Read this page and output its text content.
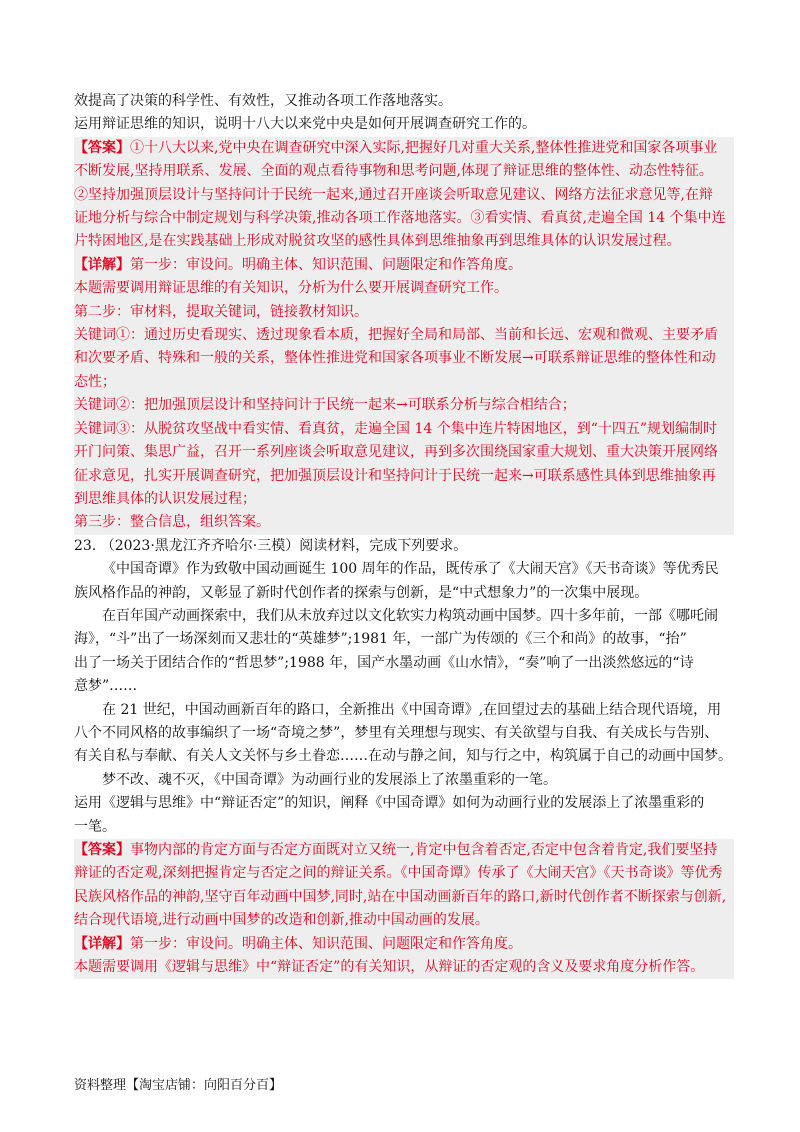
效提高了决策的科学性、有效性，又推动各项工作落地落实。
运用辩证思维的知识，说明十八大以来党中央是如何开展调查研究工作的。
【答案】①十八大以来,党中央在调查研究中深入实际,把握好几对重大关系,整体性推进党和国家各项事业
不断发展,坚持用联系、发展、全面的观点看待事物和思考问题,体现了辩证思维的整体性、动态性特征。
②坚持加强顶层设计与坚持问计于民统一起来,通过召开座谈会听取意见建议、网络方法征求意见等,在辩
证地分析与综合中制定规划与科学决策,推动各项工作落地落实。③看实情、看真贫,走遍全国 14 个集中连
片特困地区,是在实践基础上形成对脱贫攻坚的感性具体到思维抽象再到思维具体的认识发展过程。
【详解】第一步：审设问。明确主体、知识范围、问题限定和作答角度。
本题需要调用辩证思维的有关知识，分析为什么要开展调查研究工作。
第二步：审材料，提取关键词，链接教材知识。
关键词①：通过历史看现实、透过现象看本质，把握好全局和局部、当前和长远、宏观和微观、主要矛盾
和次要矛盾、特殊和一般的关系，整体性推进党和国家各项事业不断发展→可联系辩证思维的整体性和动
态性；
关键词②：把加强顶层设计和坚持问计于民统一起来→可联系分析与综合相结合；
关键词③：从脱贫攻坚战中看实情、看真贫，走遍全国 14 个集中连片特困地区，到“十四五”规划编制时
开门问策、集思广益，召开一系列座谈会听取意见建议，再到多次围绕国家重大规划、重大决策开展网络
征求意见，扎实开展调查研究，把加强顶层设计和坚持问计于民统一起来→可联系感性具体到思维抽象再
到思维具体的认识发展过程；
第三步：整合信息，组织答案。
23. （2023·黑龙江齐齐哈尔·三模）阅读材料，完成下列要求。
《中国奇谭》作为致敬中国动画诞生 100 周年的作品，既传承了《大闹天宫》《天书奇谈》等优秀民
族风格作品的神韵，又彰显了新时代创作者的探索与创新，是“中式想象力”的一次集中展现。
在百年国产动画探索中，我们从未放弃过以文化软实力构筑动画中国梦。四十多年前，一部《哪吒闹
海》，“斗”出了一场深刻而又悲壮的“英雄梦”;1981 年，一部广为传颂的《三个和尚》的故事，“抬”
出了一场关于团结合作的“哲思梦”;1988 年，国产水墨动画《山水情》，“奏”响了一出淡然悠远的“诗
意梦”……
在 21 世纪，中国动画新百年的路口，全新推出《中国奇谭》,在回望过去的基础上结合现代语境，用
八个不同风格的故事编织了一场“奇境之梦”，梦里有关理想与现实、有关欲望与自我、有关成长与告别、
有关自私与奉献、有关人文关怀与乡土眷恋……在动与静之间，知与行之中，构筑属于自己的动画中国梦。
梦不改、魂不灭，《中国奇谭》为动画行业的发展添上了浓墨重彩的一笔。
运用《逻辑与思维》中“辩证否定”的知识，阐释《中国奇谭》如何为动画行业的发展添上了浓墨重彩的
一笔。
【答案】事物内部的肯定方面与否定方面既对立又统一,肯定中包含着否定,否定中包含着肯定,我们要坚持
辩证的否定观,深刻把握肯定与否定之间的辩证关系。《中国奇谭》传承了《大闹天宫》《天书奇谈》等优秀
民族风格作品的神韵,坚守百年动画中国梦,同时,站在中国动画新百年的路口,新时代创作者不断探索与创新,
结合现代语境,进行动画中国梦的改造和创新,推动中国动画的发展。
【详解】第一步：审设问。明确主体、知识范围、问题限定和作答角度。
本题需要调用《逻辑与思维》中“辩证否定”的有关知识，从辩证的否定观的含义及要求角度分析作答。
资料整理【淘宝店铺：向阳百分百】
